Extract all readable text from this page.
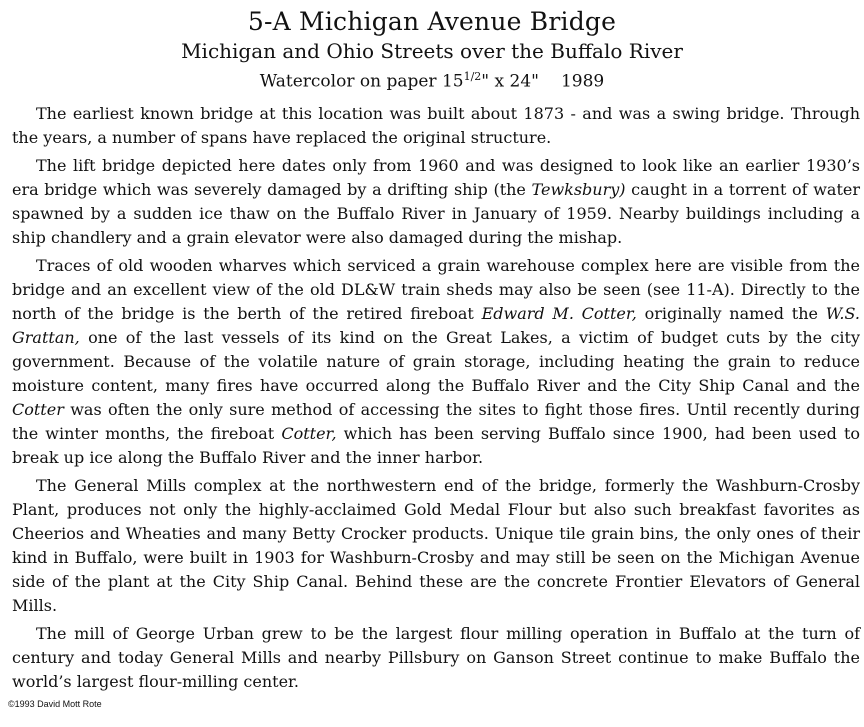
5-A Michigan Avenue Bridge
Michigan and Ohio Streets over the Buffalo River
Watercolor on paper $15^{1/2}$" x 24" 1989

The earliest known bridge at this location was built about 1873 - and was a swing bridge. Through the years, a number of spans have replaced the original structure.

The lift bridge depicted here dates only from 1960 and was designed to look like an earlier 1930’s era bridge which was severely damaged by a drifting ship (the Tewksbury) caught in a torrent of water spawned by a sudden ice thaw on the Buffalo River in January of 1959. Nearby buildings including a ship chandlery and a grain elevator were also damaged during the mishap.

Traces of old wooden wharves which serviced a grain warehouse complex here are visible from the bridge and an excellent view of the old DL&W train sheds may also be seen (see 11-A). Directly to the north of the bridge is the berth of the retired fireboat Edward M. Cotter, originally named the W.S. Grattan, one of the last vessels of its kind on the Great Lakes, a victim of budget cuts by the city government. Because of the volatile nature of grain storage, including heating the grain to reduce moisture content, many fires have occurred along the Buffalo River and the City Ship Canal and the Cotter was often the only sure method of accessing the sites to fight those fires. Until recently during the winter months, the fireboat Cotter, which has been serving Buffalo since 1900, had been used to break up ice along the Buffalo River and the inner harbor.

The General Mills complex at the northwestern end of the bridge, formerly the Washburn-Crosby Plant, produces not only the highly-acclaimed Gold Medal Flour but also such breakfast favorites as Cheerios and Wheaties and many Betty Crocker products. Unique tile grain bins, the only ones of their kind in Buffalo, were built in 1903 for Washburn-Crosby and may still be seen on the Michigan Avenue side of the plant at the City Ship Canal. Behind these are the concrete Frontier Elevators of General Mills.

The mill of George Urban grew to be the largest flour milling operation in Buffalo at the turn of century and today General Mills and nearby Pillsbury on Ganson Street continue to make Buffalo the world’s largest flour-milling center.

©1993 David Mott Rote
